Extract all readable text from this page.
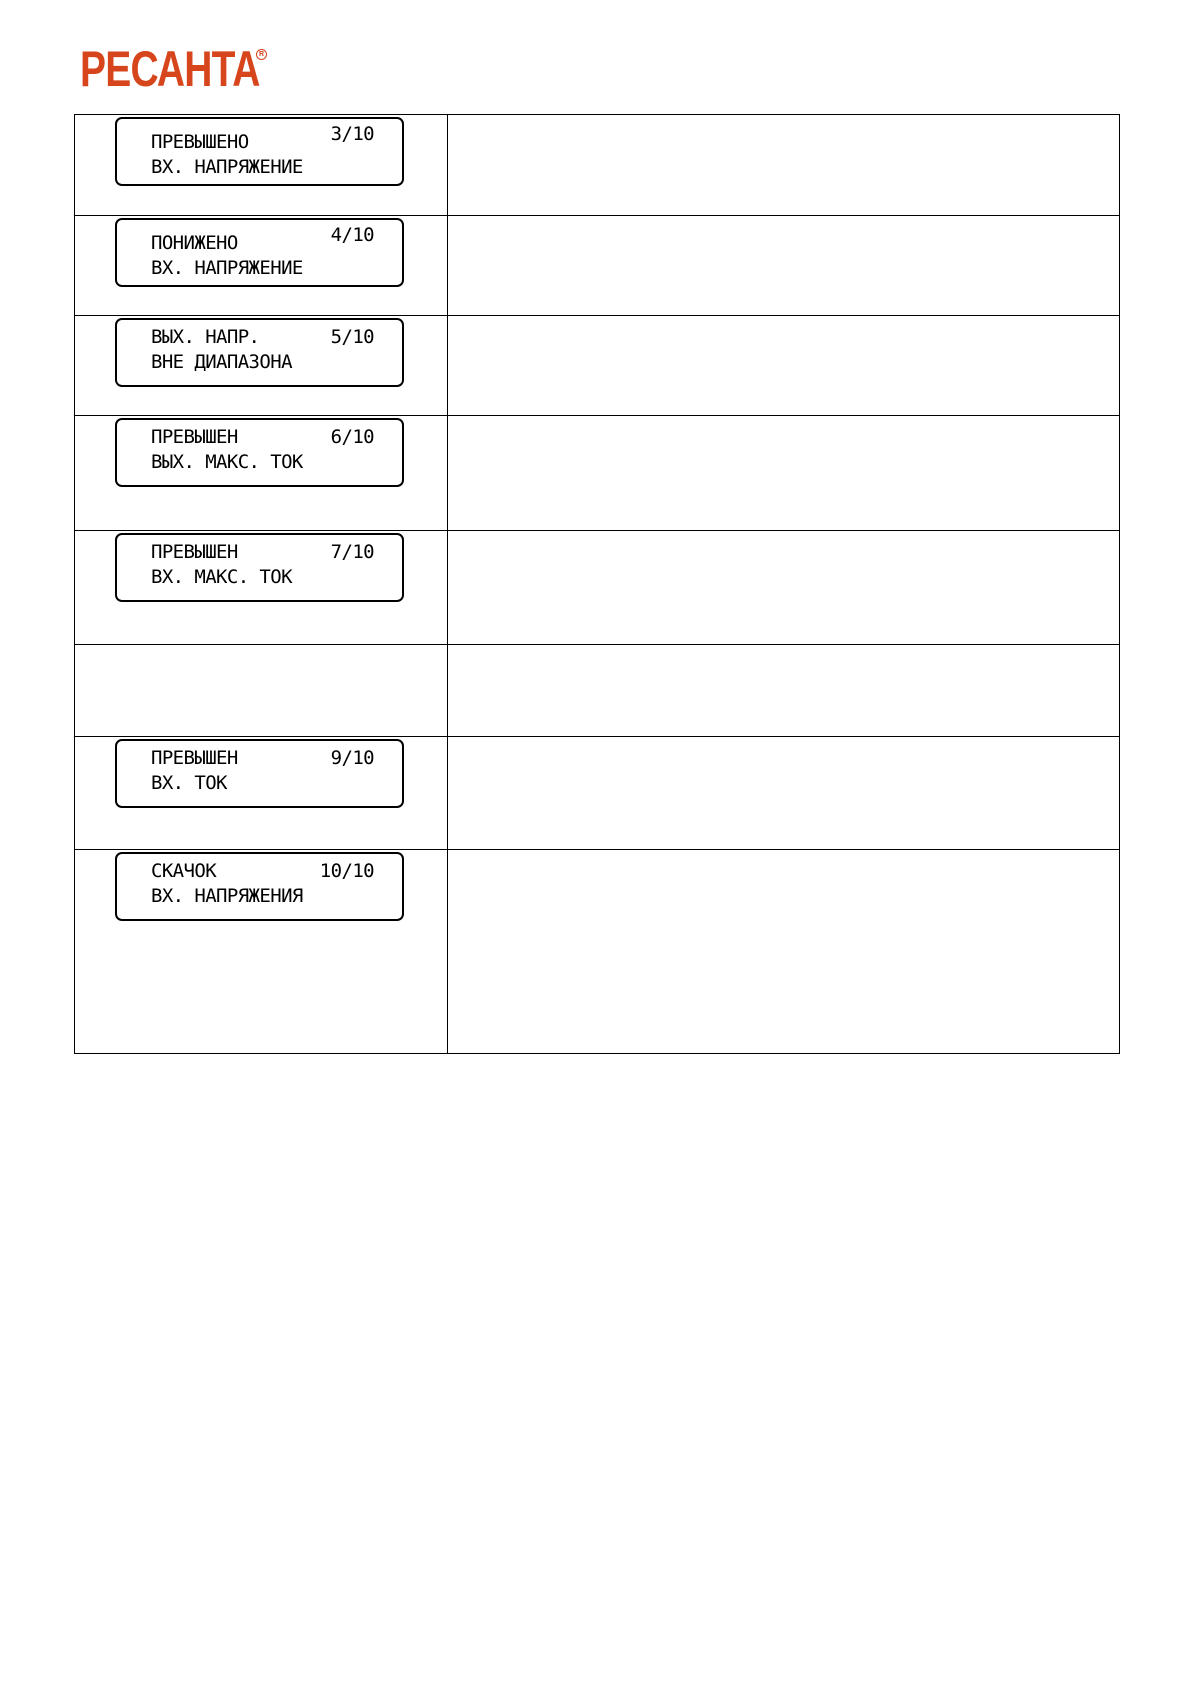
РЕСАНТА R
ПРЕВЫШЕНО
ВХ. НАПРЯЖЕНИЕ
3/10	

ПОНИЖЕНО
ВХ. НАПРЯЖЕНИЕ
4/10	

ВЫХ. НАПР.
ВНЕ ДИАПАЗОНА
5/10	

ПРЕВЫШЕН
ВЫХ. МАКС. ТОК
6/10	

ПРЕВЫШЕН
ВХ. МАКС. ТОК
7/10	

ПРЕВЫШЕН
ВХ. ТОК
9/10	

СКАЧОК
ВХ. НАПРЯЖЕНИЯ
10/10	
